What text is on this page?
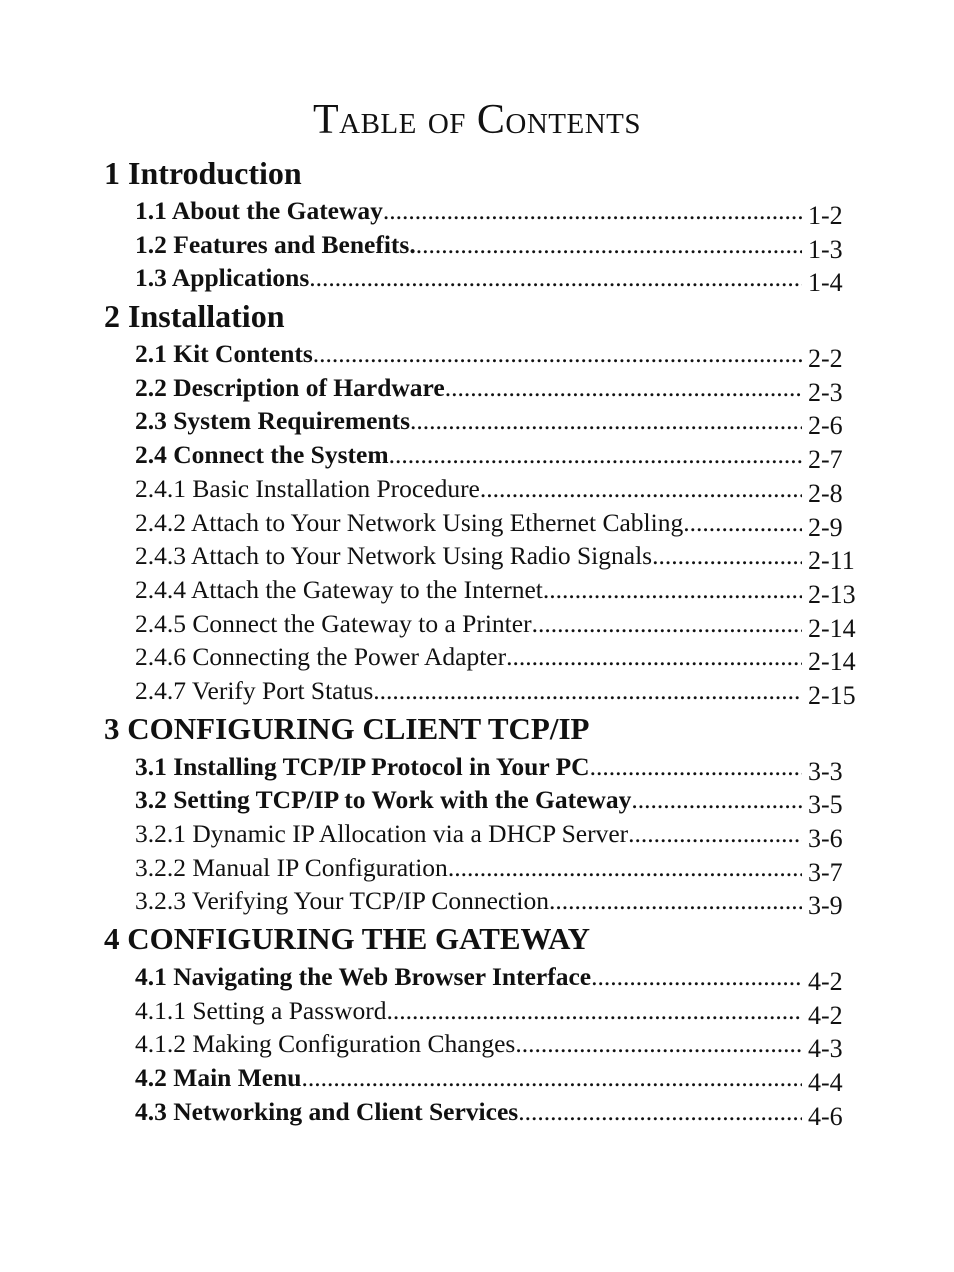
Table of Contents
1 Introduction
1.1 About the Gateway .....	1-2
1.2 Features and Benefits. .....	1-3
1.3 Applications .....	1-4
2 Installation
2.1 Kit Contents .....	2-2
2.2 Description of Hardware .....	2-3
2.3 System Requirements .....	2-6
2.4 Connect the System .....	2-7
2.4.1 Basic Installation Procedure .....	2-8
2.4.2 Attach to Your Network Using Ethernet Cabling .....	2-9
2.4.3 Attach to Your Network Using Radio Signals .....	2-11
2.4.4 Attach the Gateway to the Internet .....	2-13
2.4.5 Connect the Gateway to a Printer .....	2-14
2.4.6 Connecting the Power Adapter .....	2-14
2.4.7 Verify Port Status .....	2-15
3 CONFIGURING CLIENT TCP/IP
3.1 Installing TCP/IP Protocol in Your PC .....	3-3
3.2 Setting TCP/IP to Work with the Gateway .....	3-5
3.2.1 Dynamic IP Allocation via a DHCP Server .....	3-6
3.2.2 Manual IP Configuration .....	3-7
3.2.3 Verifying Your TCP/IP Connection .....	3-9
4 CONFIGURING THE GATEWAY
4.1 Navigating the Web Browser Interface .....	4-2
4.1.1 Setting a Password .....	4-2
4.1.2 Making Configuration Changes .....	4-3
4.2 Main Menu .....	4-4
4.3 Networking and Client Services .....	4-6
